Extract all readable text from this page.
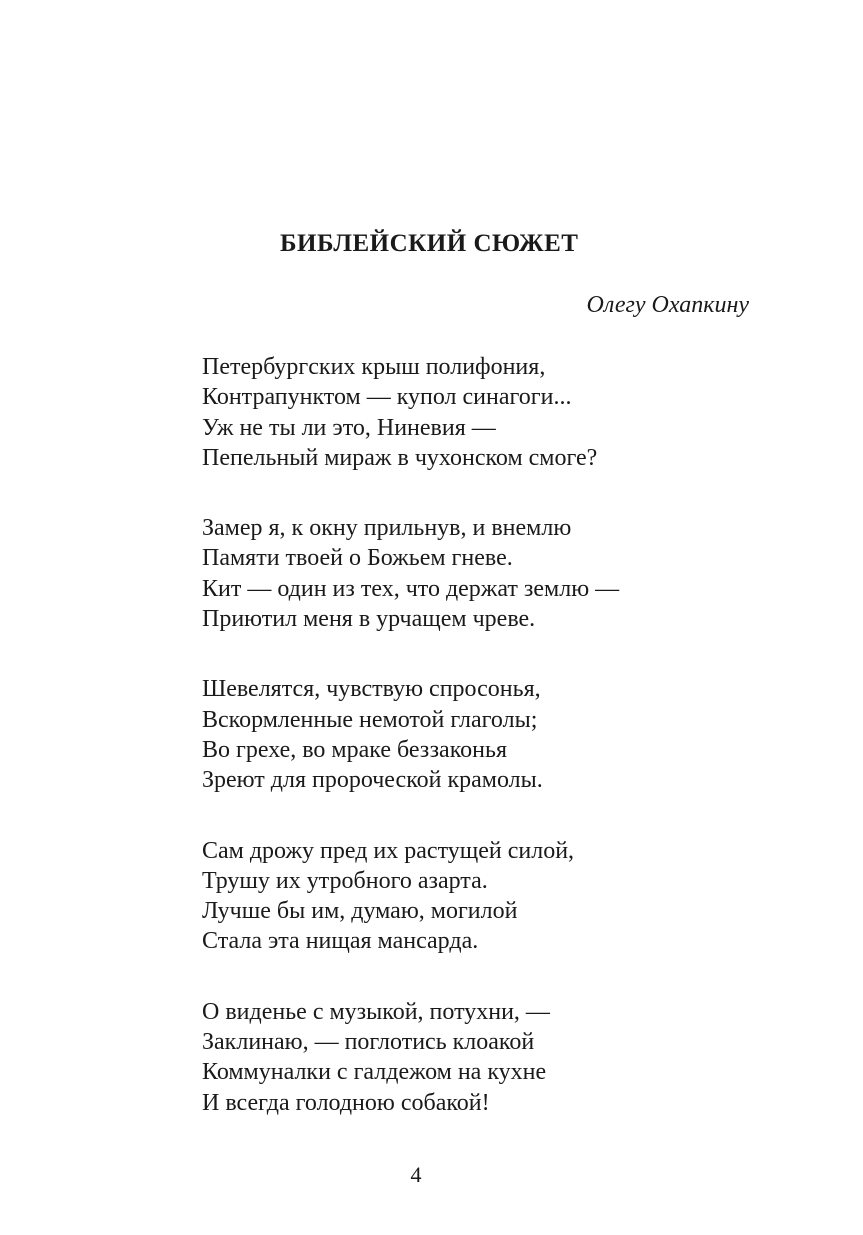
БИБЛЕЙСКИЙ СЮЖЕТ
Олегу Охапкину
Петербургских крыш полифония,
Контрапунктом — купол синагоги...
Уж не ты ли это, Ниневия —
Пепельный мираж в чухонском смоге?
Замер я, к окну прильнув, и внемлю
Памяти твоей о Божьем гневе.
Кит — один из тех, что держат землю —
Приютил меня в урчащем чреве.
Шевелятся, чувствую спросонья,
Вскормленные немотой глаголы;
Во грехе, во мраке беззаконья
Зреют для пророческой крамолы.
Сам дрожу пред их растущей силой,
Трушу их утробного азарта.
Лучше бы им, думаю, могилой
Стала эта нищая мансарда.
О виденье с музыкой, потухни, —
Заклинаю, — поглотись клоакой
Коммуналки с галдежом на кухне
И всегда голодною собакой!
4
